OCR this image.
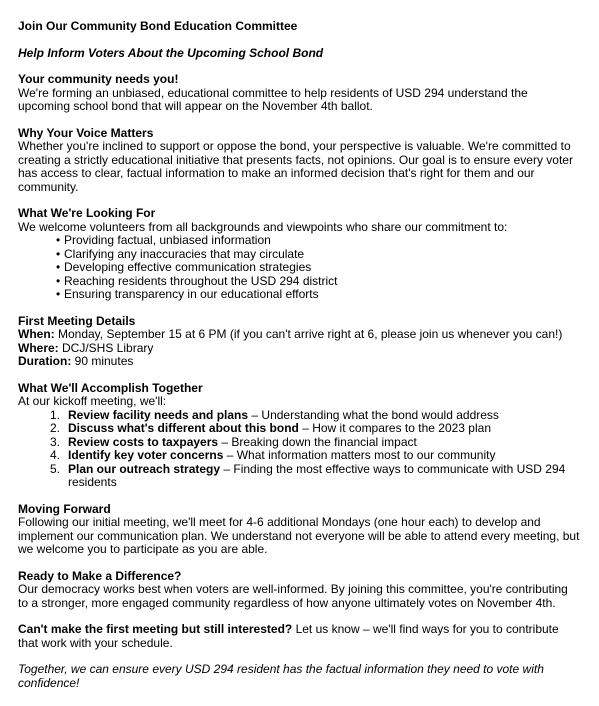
Join Our Community Bond Education Committee

Help Inform Voters About the Upcoming School Bond

Your community needs you!

We're forming an unbiased, educational committee to help residents of USD 294 understand the upcoming school bond that will appear on the November 4th ballot.

Why Your Voice Matters

Whether you're inclined to support or oppose the bond, your perspective is valuable. We're committed to creating a strictly educational initiative that presents facts, not opinions. Our goal is to ensure every voter has access to clear, factual information to make an informed decision that's right for them and our community.

What We're Looking For

We welcome volunteers from all backgrounds and viewpoints who share our commitment to:

• Providing factual, unbiased information
• Clarifying any inaccuracies that may circulate
• Developing effective communication strategies
• Reaching residents throughout the USD 294 district
• Ensuring transparency in our educational efforts

First Meeting Details

When: Monday, September 15 at 6 PM (if you can't arrive right at 6, please join us whenever you can!)

Where: DCJ/SHS Library

Duration: 90 minutes

What We'll Accomplish Together

At our kickoff meeting, we'll:

1. Review facility needs and plans – Understanding what the bond would address
2. Discuss what's different about this bond – How it compares to the 2023 plan
3. Review costs to taxpayers – Breaking down the financial impact
4. Identify key voter concerns – What information matters most to our community
5. Plan our outreach strategy – Finding the most effective ways to communicate with USD 294 residents

Moving Forward

Following our initial meeting, we'll meet for 4-6 additional Mondays (one hour each) to develop and implement our communication plan. We understand not everyone will be able to attend every meeting, but we welcome you to participate as you are able.

Ready to Make a Difference?

Our democracy works best when voters are well-informed. By joining this committee, you're contributing to a stronger, more engaged community regardless of how anyone ultimately votes on November 4th.

Can't make the first meeting but still interested? Let us know – we'll find ways for you to contribute that work with your schedule.

Together, we can ensure every USD 294 resident has the factual information they need to vote with confidence!
